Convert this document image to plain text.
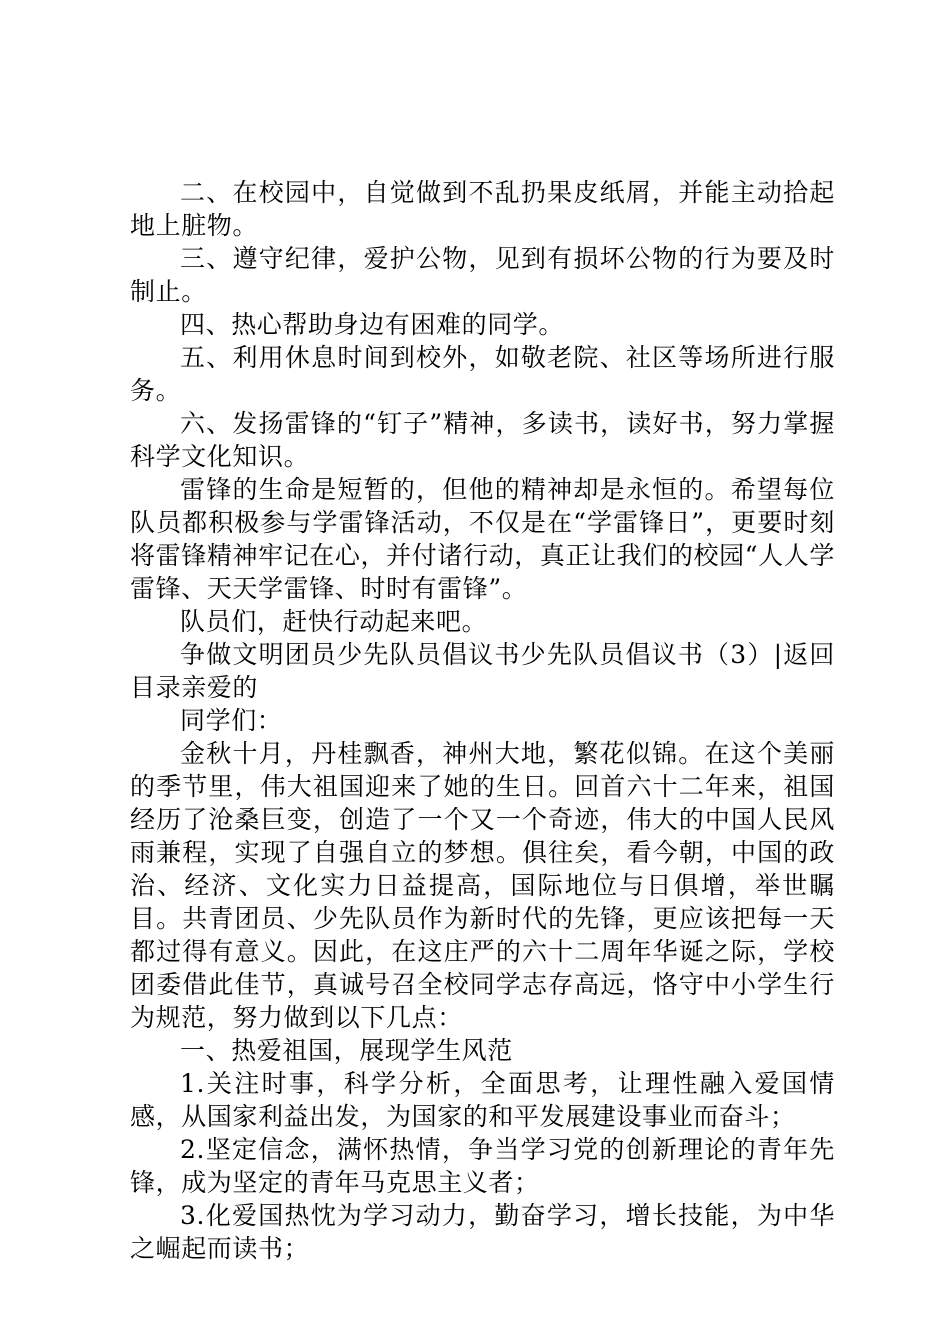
二、在校园中，自觉做到不乱扔果皮纸屑，并能主动拾起地上脏物。

三、遵守纪律，爱护公物，见到有损坏公物的行为要及时制止。

四、热心帮助身边有困难的同学。

五、利用休息时间到校外，如敬老院、社区等场所进行服务。

六、发扬雷锋的“钉子”精神，多读书，读好书，努力掌握科学文化知识。

雷锋的生命是短暂的，但他的精神却是永恒的。希望每位队员都积极参与学雷锋活动，不仅是在“学雷锋日”，更要时刻将雷锋精神牢记在心，并付诸行动，真正让我们的校园“人人学雷锋、天天学雷锋、时时有雷锋”。

队员们，赶快行动起来吧。

争做文明团员少先队员倡议书少先队员倡议书（3）|返回目录亲爱的

同学们：

金秋十月，丹桂飘香，神州大地，繁花似锦。在这个美丽的季节里，伟大祖国迎来了她的生日。回首六十二年来，祖国经历了沧桑巨变，创造了一个又一个奇迹，伟大的中国人民风雨兼程，实现了自强自立的梦想。俱往矣，看今朝，中国的政治、经济、文化实力日益提高，国际地位与日俱增，举世瞩目。共青团员、少先队员作为新时代的先锋，更应该把每一天都过得有意义。因此，在这庄严的六十二周年华诞之际，学校团委借此佳节，真诚号召全校同学志存高远，恪守中小学生行为规范，努力做到以下几点：

一、热爱祖国，展现学生风范

1.关注时事，科学分析，全面思考，让理性融入爱国情感，从国家利益出发，为国家的和平发展建设事业而奋斗；

2.坚定信念，满怀热情，争当学习党的创新理论的青年先锋，成为坚定的青年马克思主义者；

3.化爱国热忱为学习动力，勤奋学习，增长技能，为中华之崛起而读书；
